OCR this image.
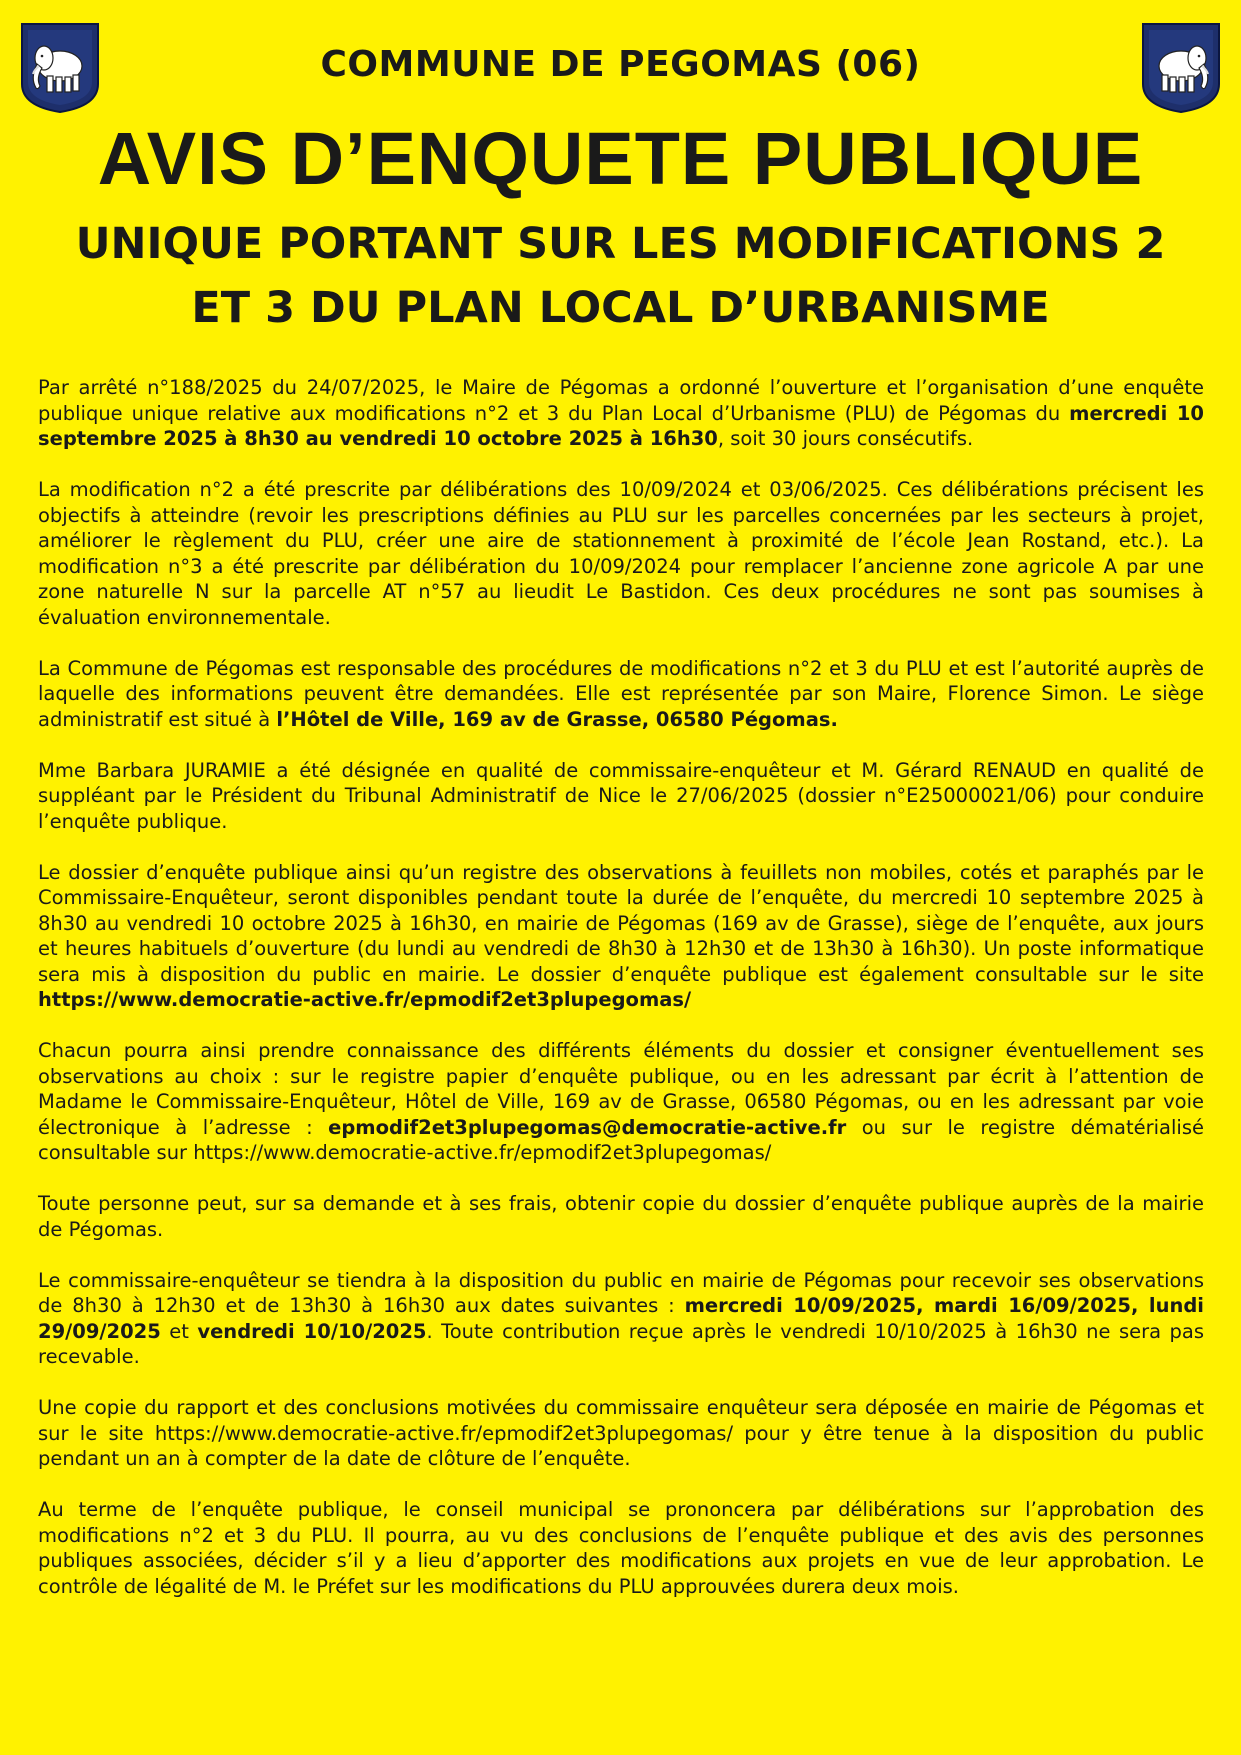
COMMUNE DE PEGOMAS (06)
AVIS D’ENQUETE PUBLIQUE
UNIQUE PORTANT SUR LES MODIFICATIONS 2 ET 3 DU PLAN LOCAL D’URBANISME

Par arrêté n°188/2025 du 24/07/2025, le Maire de Pégomas a ordonné l’ouverture et l’organisation d’une enquête publique unique relative aux modifications n°2 et 3 du Plan Local d’Urbanisme (PLU) de Pégomas du mercredi 10 septembre 2025 à 8h30 au vendredi 10 octobre 2025 à 16h30, soit 30 jours consécutifs.

La modification n°2 a été prescrite par délibérations des 10/09/2024 et 03/06/2025. Ces délibérations précisent les objectifs à atteindre (revoir les prescriptions définies au PLU sur les parcelles concernées par les secteurs à projet, améliorer le règlement du PLU, créer une aire de stationnement à proximité de l’école Jean Rostand, etc.). La modification n°3 a été prescrite par délibération du 10/09/2024 pour remplacer l’ancienne zone agricole A par une zone naturelle N sur la parcelle AT n°57 au lieudit Le Bastidon. Ces deux procédures ne sont pas soumises à évaluation environnementale.

La Commune de Pégomas est responsable des procédures de modifications n°2 et 3 du PLU et est l’autorité auprès de laquelle des informations peuvent être demandées. Elle est représentée par son Maire, Florence Simon. Le siège administratif est situé à l’Hôtel de Ville, 169 av de Grasse, 06580 Pégomas.

Mme Barbara JURAMIE a été désignée en qualité de commissaire-enquêteur et M. Gérard RENAUD en qualité de suppléant par le Président du Tribunal Administratif de Nice le 27/06/2025 (dossier n°E25000021/06) pour conduire l’enquête publique.

Le dossier d’enquête publique ainsi qu’un registre des observations à feuillets non mobiles, cotés et paraphés par le Commissaire-Enquêteur, seront disponibles pendant toute la durée de l’enquête, du mercredi 10 septembre 2025 à 8h30 au vendredi 10 octobre 2025 à 16h30, en mairie de Pégomas (169 av de Grasse), siège de l’enquête, aux jours et heures habituels d’ouverture (du lundi au vendredi de 8h30 à 12h30 et de 13h30 à 16h30). Un poste informatique sera mis à disposition du public en mairie. Le dossier d’enquête publique est également consultable sur le site https://www.democratie-active.fr/epmodif2et3plupegomas/

Chacun pourra ainsi prendre connaissance des différents éléments du dossier et consigner éventuellement ses observations au choix : sur le registre papier d’enquête publique, ou en les adressant par écrit à l’attention de Madame le Commissaire-Enquêteur, Hôtel de Ville, 169 av de Grasse, 06580 Pégomas, ou en les adressant par voie électronique à l’adresse : epmodif2et3plupegomas@democratie-active.fr ou sur le registre dématérialisé consultable sur https://www.democratie-active.fr/epmodif2et3plupegomas/

Toute personne peut, sur sa demande et à ses frais, obtenir copie du dossier d’enquête publique auprès de la mairie de Pégomas.

Le commissaire-enquêteur se tiendra à la disposition du public en mairie de Pégomas pour recevoir ses observations de 8h30 à 12h30 et de 13h30 à 16h30 aux dates suivantes : mercredi 10/09/2025, mardi 16/09/2025, lundi 29/09/2025 et vendredi 10/10/2025. Toute contribution reçue après le vendredi 10/10/2025 à 16h30 ne sera pas recevable.

Une copie du rapport et des conclusions motivées du commissaire enquêteur sera déposée en mairie de Pégomas et sur le site https://www.democratie-active.fr/epmodif2et3plupegomas/ pour y être tenue à la disposition du public pendant un an à compter de la date de clôture de l’enquête.

Au terme de l’enquête publique, le conseil municipal se prononcera par délibérations sur l’approbation des modifications n°2 et 3 du PLU. Il pourra, au vu des conclusions de l’enquête publique et des avis des personnes publiques associées, décider s’il y a lieu d’apporter des modifications aux projets en vue de leur approbation. Le contrôle de légalité de M. le Préfet sur les modifications du PLU approuvées durera deux mois.
